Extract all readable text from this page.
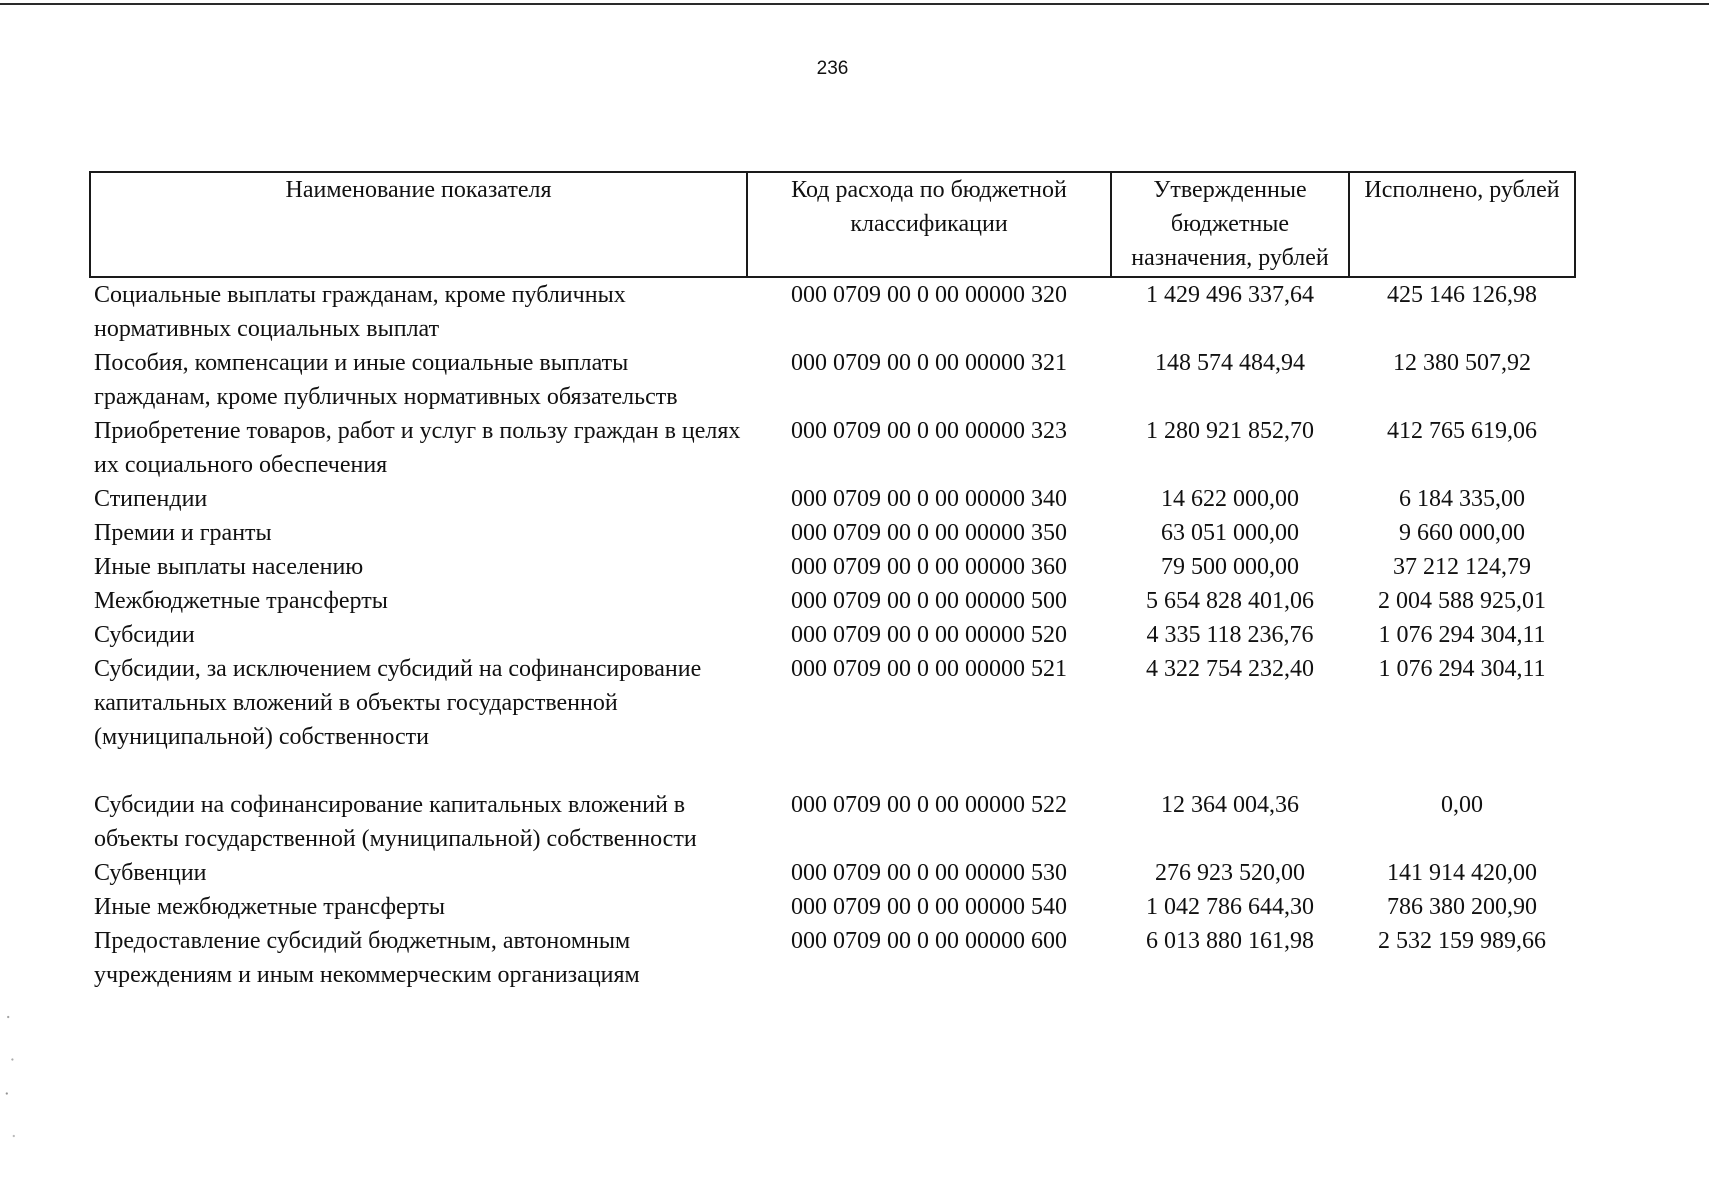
236
Наименование показателя	Код расхода по бюджетной классификации	Утвержденные бюджетные назначения, рублей	Исполнено, рублей
Социальные выплаты гражданам, кроме публичных нормативных социальных выплат	000 0709 00 0 00 00000 320	1 429 496 337,64	425 146 126,98
Пособия, компенсации и иные социальные выплаты гражданам, кроме публичных нормативных обязательств	000 0709 00 0 00 00000 321	148 574 484,94	12 380 507,92
Приобретение товаров, работ и услуг в пользу граждан в целях их социального обеспечения	000 0709 00 0 00 00000 323	1 280 921 852,70	412 765 619,06
Стипендии	000 0709 00 0 00 00000 340	14 622 000,00	6 184 335,00
Премии и гранты	000 0709 00 0 00 00000 350	63 051 000,00	9 660 000,00
Иные выплаты населению	000 0709 00 0 00 00000 360	79 500 000,00	37 212 124,79
Межбюджетные трансферты	000 0709 00 0 00 00000 500	5 654 828 401,06	2 004 588 925,01
Субсидии	000 0709 00 0 00 00000 520	4 335 118 236,76	1 076 294 304,11
Субсидии, за исключением субсидий на софинансирование капитальных вложений в объекты государственной (муниципальной) собственности	000 0709 00 0 00 00000 521	4 322 754 232,40	1 076 294 304,11
Субсидии на софинансирование капитальных вложений в объекты государственной (муниципальной) собственности	000 0709 00 0 00 00000 522	12 364 004,36	0,00
Субвенции	000 0709 00 0 00 00000 530	276 923 520,00	141 914 420,00
Иные межбюджетные трансферты	000 0709 00 0 00 00000 540	1 042 786 644,30	786 380 200,90
Предоставление субсидий бюджетным, автономным учреждениям и иным некоммерческим организациям	000 0709 00 0 00 00000 600	6 013 880 161,98	2 532 159 989,66
